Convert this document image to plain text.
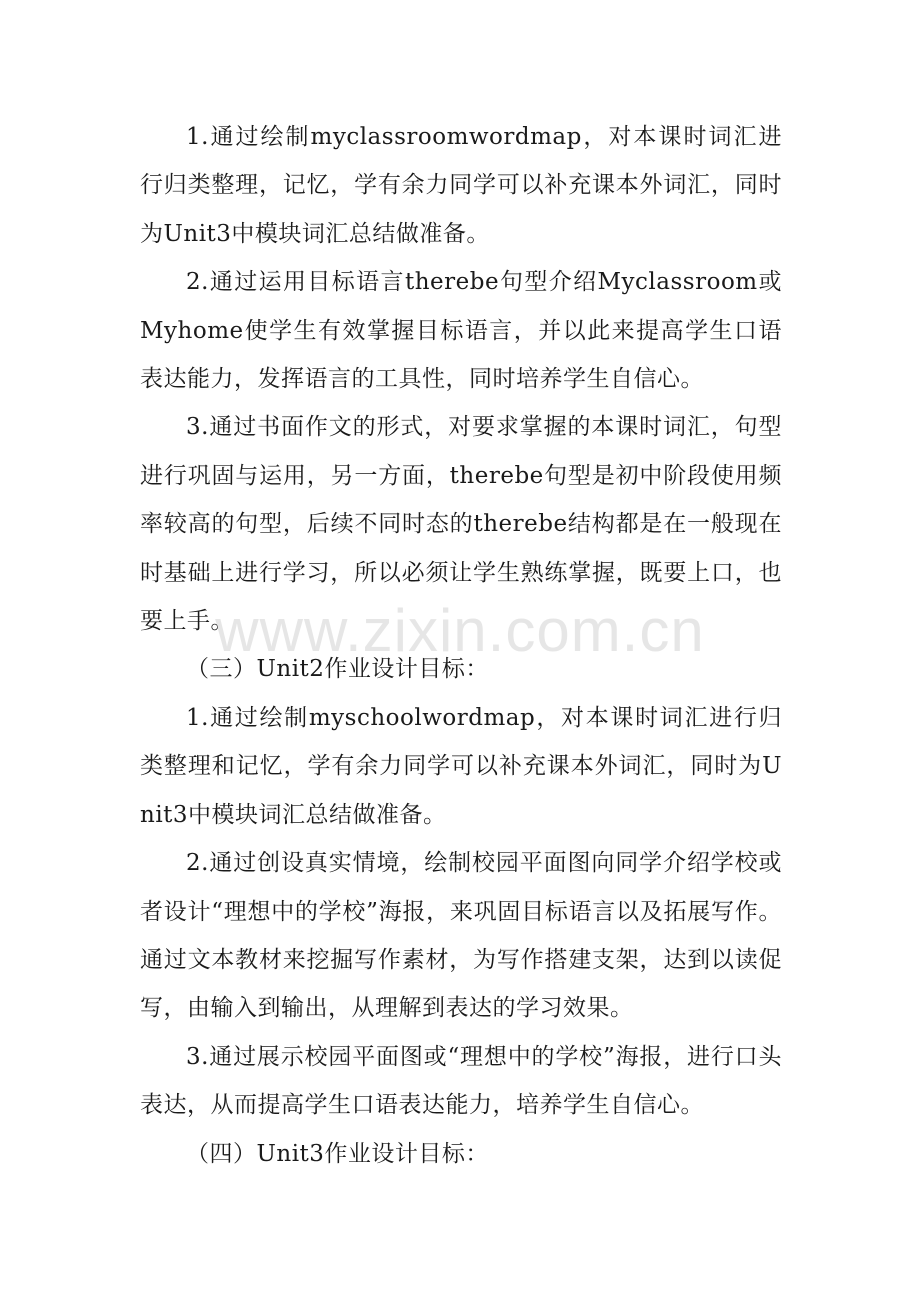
1.通过绘制myclassroomwordmap，对本课时词汇进行归类整理，记忆，学有余力同学可以补充课本外词汇，同时为Unit3中模块词汇总结做准备。

2.通过运用目标语言therebe句型介绍Myclassroom或Myhome使学生有效掌握目标语言，并以此来提高学生口语表达能力，发挥语言的工具性，同时培养学生自信心。

3.通过书面作文的形式，对要求掌握的本课时词汇，句型进行巩固与运用，另一方面，therebe句型是初中阶段使用频率较高的句型，后续不同时态的therebe结构都是在一般现在时基础上进行学习，所以必须让学生熟练掌握，既要上口，也要上手。

（三）Unit2作业设计目标：

1.通过绘制myschoolwordmap，对本课时词汇进行归类整理和记忆，学有余力同学可以补充课本外词汇，同时为Unit3中模块词汇总结做准备。

2.通过创设真实情境，绘制校园平面图向同学介绍学校或者设计“理想中的学校”海报，来巩固目标语言以及拓展写作。通过文本教材来挖掘写作素材，为写作搭建支架，达到以读促写，由输入到输出，从理解到表达的学习效果。

3.通过展示校园平面图或“理想中的学校”海报，进行口头表达，从而提高学生口语表达能力，培养学生自信心。

（四）Unit3作业设计目标：

www.zixin.com.cn
